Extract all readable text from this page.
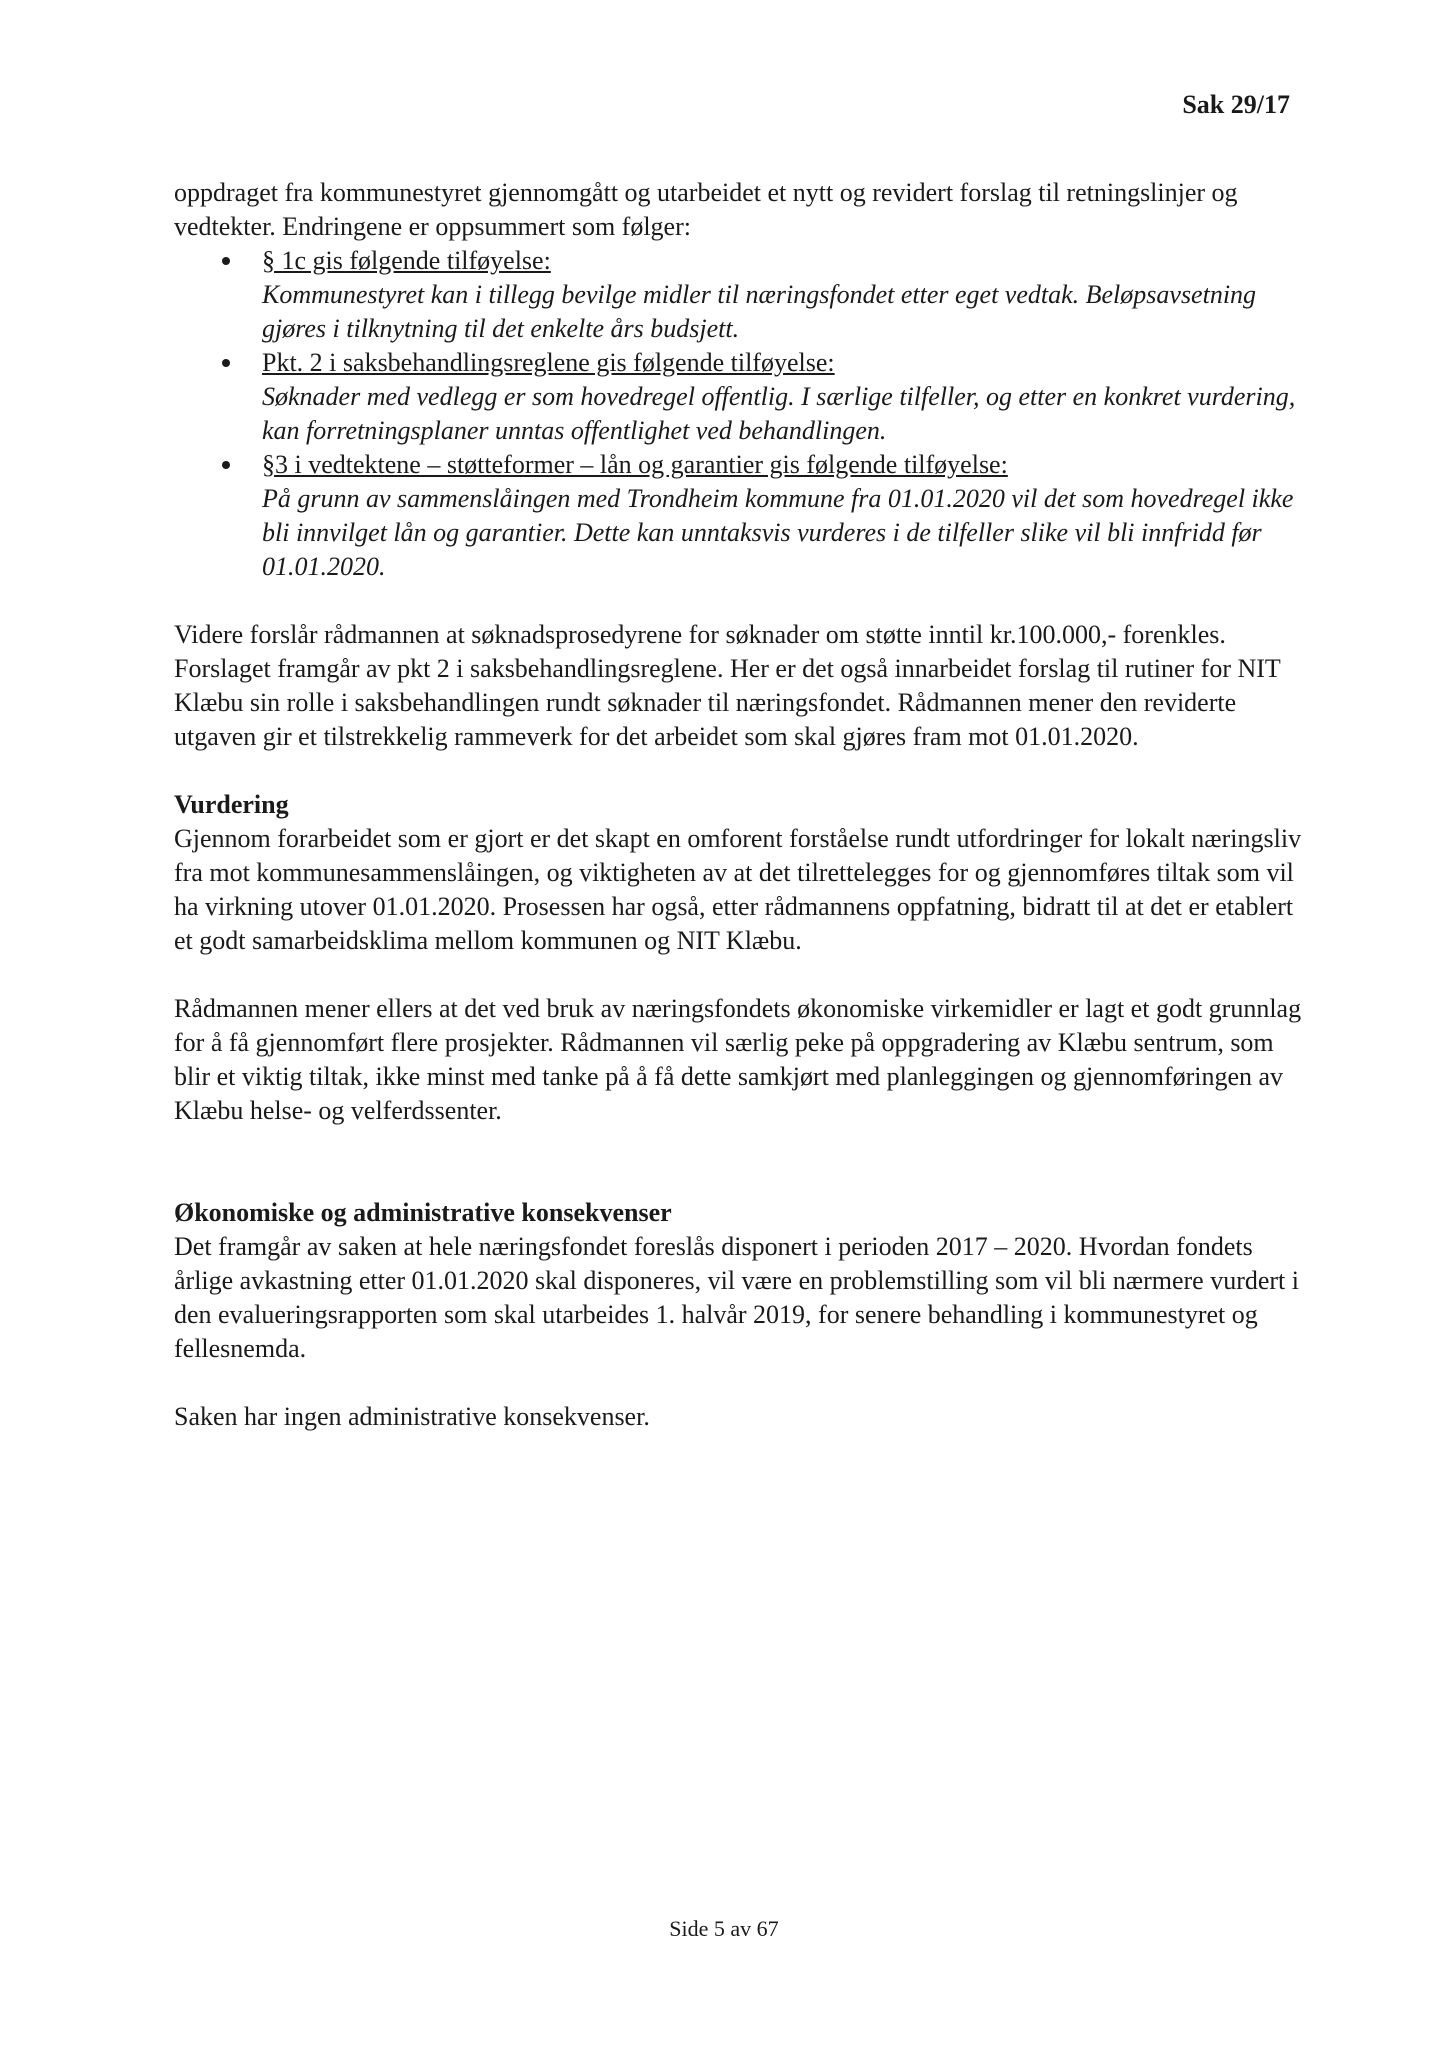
Sak 29/17

oppdraget fra kommunestyret gjennomgått og utarbeidet et nytt og revidert forslag til retningslinjer og vedtekter. Endringene er oppsummert som følger:

§ 1c gis følgende tilføyelse:
Kommunestyret kan i tillegg bevilge midler til næringsfondet etter eget vedtak. Beløpsavsetning gjøres i tilknytning til det enkelte års budsjett.
Pkt. 2 i saksbehandlingsreglene gis følgende tilføyelse:
Søknader med vedlegg er som hovedregel offentlig. I særlige tilfeller, og etter en konkret vurdering, kan forretningsplaner unntas offentlighet ved behandlingen.
§3 i vedtektene – støtteformer – lån og garantier gis følgende tilføyelse:
På grunn av sammenslåingen med Trondheim kommune fra 01.01.2020 vil det som hovedregel ikke bli innvilget lån og garantier. Dette kan unntaksvis vurderes i de tilfeller slike vil bli innfridd før 01.01.2020.

Videre forslår rådmannen at søknadsprosedyrene for søknader om støtte inntil kr.100.000,- forenkles. Forslaget framgår av pkt 2 i saksbehandlingsreglene. Her er det også innarbeidet forslag til rutiner for NIT Klæbu sin rolle i saksbehandlingen rundt søknader til næringsfondet. Rådmannen mener den reviderte utgaven gir et tilstrekkelig rammeverk for det arbeidet som skal gjøres fram mot 01.01.2020.

Vurdering

Gjennom forarbeidet som er gjort er det skapt en omforent forståelse rundt utfordringer for lokalt næringsliv fra mot kommunesammenslåingen, og viktigheten av at det tilrettelegges for og gjennomføres tiltak som vil ha virkning utover 01.01.2020. Prosessen har også, etter rådmannens oppfatning, bidratt til at det er etablert et godt samarbeidsklima mellom kommunen og NIT Klæbu.

Rådmannen mener ellers at det ved bruk av næringsfondets økonomiske virkemidler er lagt et godt grunnlag for å få gjennomført flere prosjekter. Rådmannen vil særlig peke på oppgradering av Klæbu sentrum, som blir et viktig tiltak, ikke minst med tanke på å få dette samkjørt med planleggingen og gjennomføringen av Klæbu helse- og velferdssenter.

Økonomiske og administrative konsekvenser

Det framgår av saken at hele næringsfondet foreslås disponert i perioden 2017 – 2020. Hvordan fondets årlige avkastning etter 01.01.2020 skal disponeres, vil være en problemstilling som vil bli nærmere vurdert i den evalueringsrapporten som skal utarbeides 1. halvår 2019, for senere behandling i kommunestyret og fellesnemda.

Saken har ingen administrative konsekvenser.

Side 5 av 67
